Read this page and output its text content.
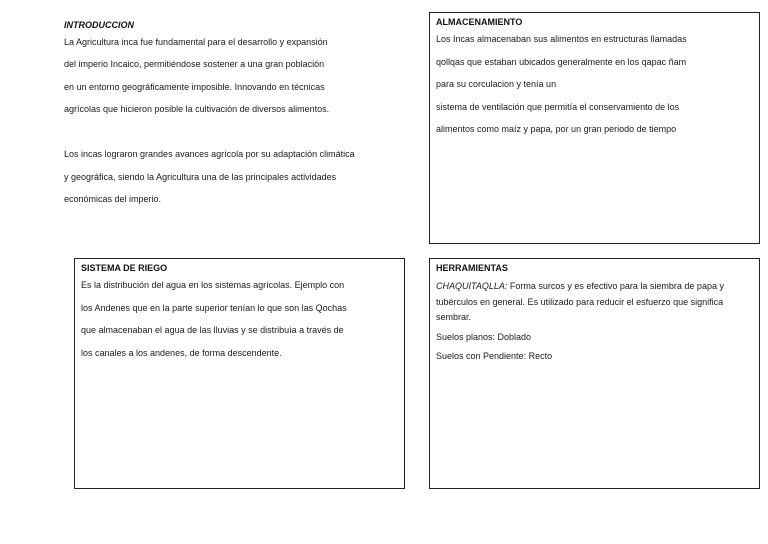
INTRODUCCION
La Agricultura inca fue fundamental para el desarrollo y expansión
del imperio Incaico, permitiéndose sostener a una gran población
en un entorno geográficamente imposible. Innovando en técnicas
agrícolas que hicieron posible la cultivación de diversos alimentos.
Los incas lograron grandes avances agrícola por su adaptación climática
y geográfica, siendo la Agricultura una de las principales actividades
económicas del imperio.
ALMACENAMIENTO
Los Incas almacenaban sus alimentos en estructuras llamadas
qollqas que estaban ubicados generalmente en los qapac ñam
para su corculacion y tenía un
sistema de ventilación que permitía el conservamiento de los
alimentos como maíz y papa, por un gran periodo de tiempo
SISTEMA DE RIEGO
Es la distribución del agua en los sistemas agrícolas. Ejemplo con
los Andenes que en la parte superior tenían lo que son las Qochas
que almacenaban el agua de las lluvias y se distribuía a través de
los canales a los andenes, de forma descendente.
HERRAMIENTAS
CHAQUITAQLLA: Forma surcos y es efectivo para la siembra de papa y tubérculos en general. Es utilizado para reducir el esfuerzo que significa sembrar.
Suelos planos: Doblado
Suelos con Pendiente: Recto
